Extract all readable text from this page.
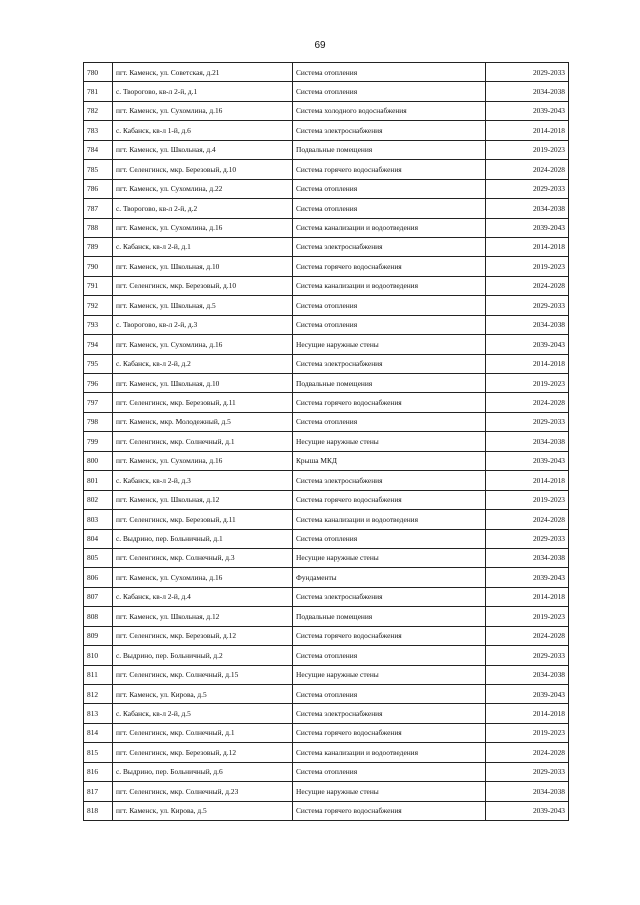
69
780	пгт. Каменск, ул. Советская, д.21	Система отопления	2029-2033
781	с. Творогово, кв-л 2-й, д.1	Система отопления	2034-2038
782	пгт. Каменск, ул. Сухомлина, д.16	Система холодного водоснабжения	2039-2043
783	с. Кабанск, кв-л 1-й, д.6	Система электроснабжения	2014-2018
784	пгт. Каменск, ул. Школьная, д.4	Подвальные помещения	2019-2023
785	пгт. Селенгинск, мкр. Березовый, д.10	Система горячего водоснабжения	2024-2028
786	пгт. Каменск, ул. Сухомлина, д.22	Система отопления	2029-2033
787	с. Творогово, кв-л 2-й, д.2	Система отопления	2034-2038
788	пгт. Каменск, ул. Сухомлина, д.16	Система канализации и водоотведения	2039-2043
789	с. Кабанск, кв-л 2-й, д.1	Система электроснабжения	2014-2018
790	пгт. Каменск, ул. Школьная, д.10	Система горячего водоснабжения	2019-2023
791	пгт. Селенгинск, мкр. Березовый, д.10	Система канализации и водоотведения	2024-2028
792	пгт. Каменск, ул. Школьная, д.5	Система отопления	2029-2033
793	с. Творогово, кв-л 2-й, д.3	Система отопления	2034-2038
794	пгт. Каменск, ул. Сухомлина, д.16	Несущие наружные стены	2039-2043
795	с. Кабанск, кв-л 2-й, д.2	Система электроснабжения	2014-2018
796	пгт. Каменск, ул. Школьная, д.10	Подвальные помещения	2019-2023
797	пгт. Селенгинск, мкр. Березовый, д.11	Система горячего водоснабжения	2024-2028
798	пгт. Каменск, мкр. Молодежный, д.5	Система отопления	2029-2033
799	пгт. Селенгинск, мкр. Солнечный, д.1	Несущие наружные стены	2034-2038
800	пгт. Каменск, ул. Сухомлина, д.16	Крыша МКД	2039-2043
801	с. Кабанск, кв-л 2-й, д.3	Система электроснабжения	2014-2018
802	пгт. Каменск, ул. Школьная, д.12	Система горячего водоснабжения	2019-2023
803	пгт. Селенгинск, мкр. Березовый, д.11	Система канализации и водоотведения	2024-2028
804	с. Выдрино, пер. Больничный, д.1	Система отопления	2029-2033
805	пгт. Селенгинск, мкр. Солнечный, д.3	Несущие наружные стены	2034-2038
806	пгт. Каменск, ул. Сухомлина, д.16	Фундаменты	2039-2043
807	с. Кабанск, кв-л 2-й, д.4	Система электроснабжения	2014-2018
808	пгт. Каменск, ул. Школьная, д.12	Подвальные помещения	2019-2023
809	пгт. Селенгинск, мкр. Березовый, д.12	Система горячего водоснабжения	2024-2028
810	с. Выдрино, пер. Больничный, д.2	Система отопления	2029-2033
811	пгт. Селенгинск, мкр. Солнечный, д.15	Несущие наружные стены	2034-2038
812	пгт. Каменск, ул. Кирова, д.5	Система отопления	2039-2043
813	с. Кабанск, кв-л 2-й, д.5	Система электроснабжения	2014-2018
814	пгт. Селенгинск, мкр. Солнечный, д.1	Система горячего водоснабжения	2019-2023
815	пгт. Селенгинск, мкр. Березовый, д.12	Система канализации и водоотведения	2024-2028
816	с. Выдрино, пер. Больничный, д.6	Система отопления	2029-2033
817	пгт. Селенгинск, мкр. Солнечный, д.23	Несущие наружные стены	2034-2038
818	пгт. Каменск, ул. Кирова, д.5	Система горячего водоснабжения	2039-2043
